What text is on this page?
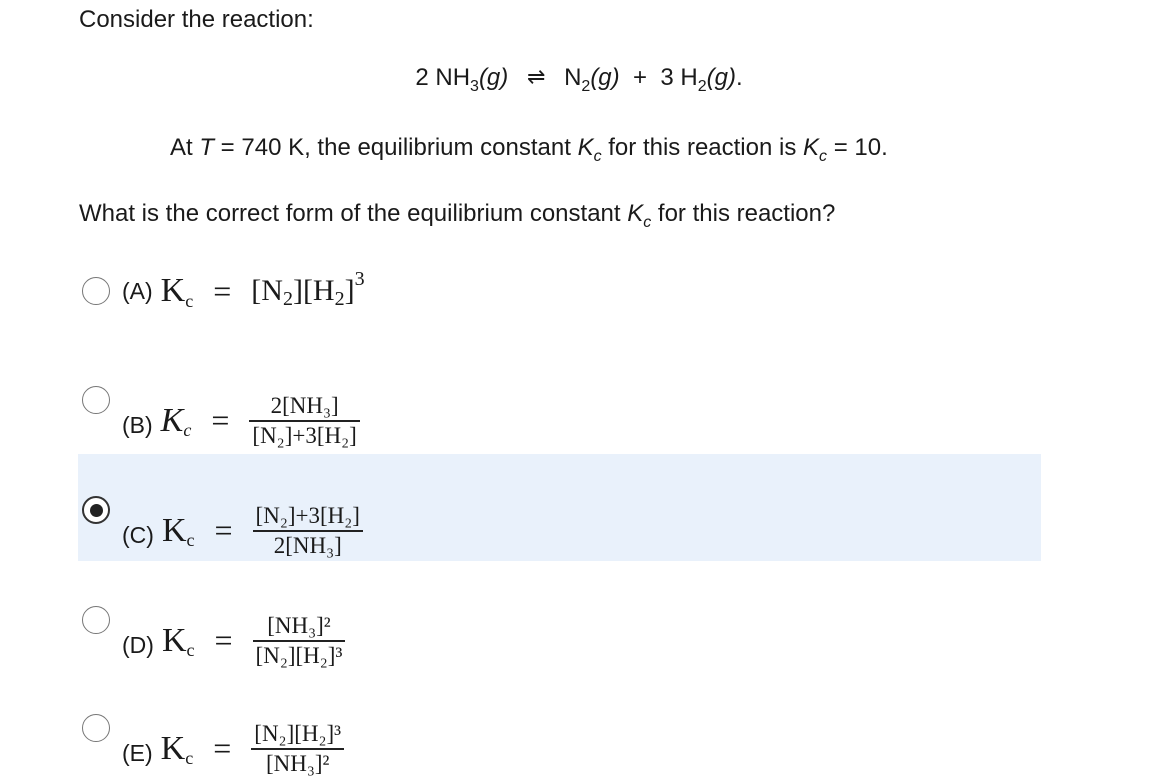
Consider the reaction:
2 $NH_3(g)$ ⇌ $N_2(g) + 3$ $H_2(g)$.
At T = 740 K, the equilibrium constant $K_c$ for this reaction is $K_c = 10$.
What is the correct form of the equilibrium constant $K_c$ for this reaction?
(A) K c = [N 2 ] [H 2 ] 3
(B) K $c = \frac{\text{2[NH₃]}}{\text{[N₂]+3[H₂]}}$
(C) K $c = \frac{\text{[N₂]+3[H₂]}}{\text{2[NH₃]}}$
(D) K $c = \frac{\text{[NH₃]²}}{\text{[N₂][H₂]³}}$
(E) K $c = \frac{\text{[N₂][H₂]³}}{\text{[NH₃]²}}$
